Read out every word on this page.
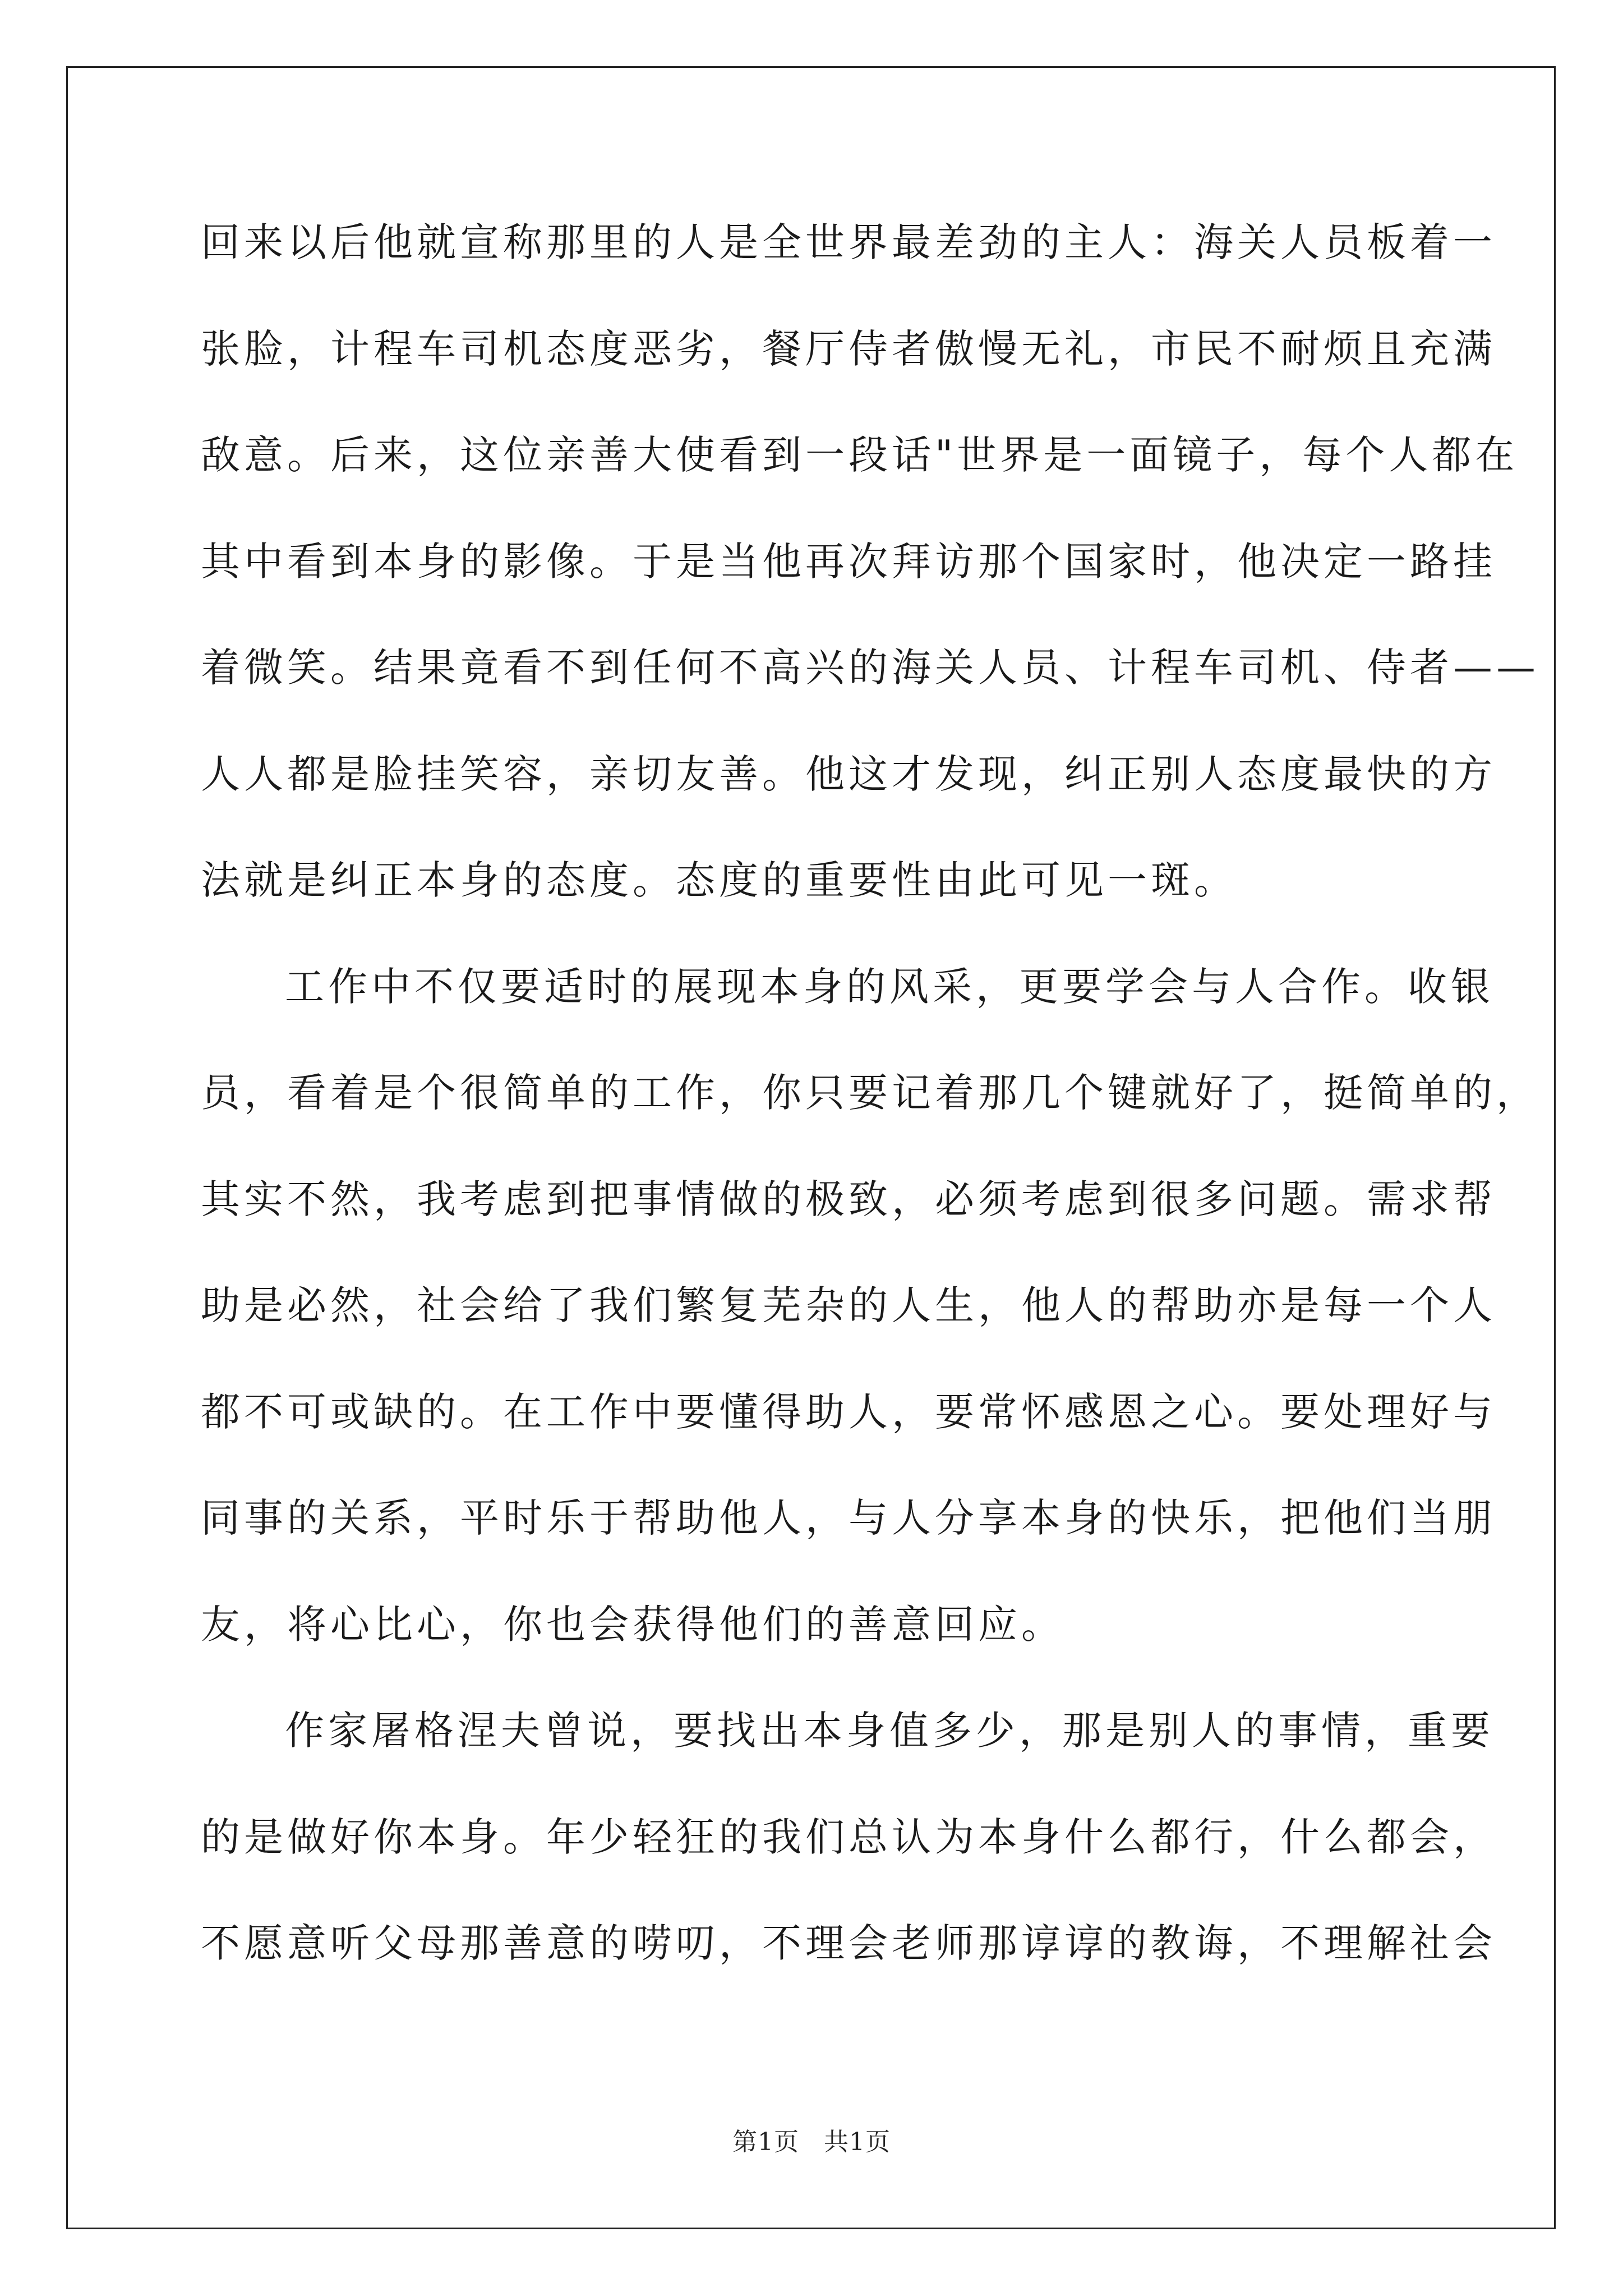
回来以后他就宣称那里的人是全世界最差劲的主人：海关人员板着一
张脸，计程车司机态度恶劣，餐厅侍者傲慢无礼，市民不耐烦且充满
敌意。后来，这位亲善大使看到一段话"世界是一面镜子，每个人都在
其中看到本身的影像。于是当他再次拜访那个国家时，他决定一路挂
着微笑。结果竟看不到任何不高兴的海关人员、计程车司机、侍者——
人人都是脸挂笑容，亲切友善。他这才发现，纠正别人态度最快的方
法就是纠正本身的态度。态度的重要性由此可见一斑。
工作中不仅要适时的展现本身的风采，更要学会与人合作。收银
员，看着是个很简单的工作，你只要记着那几个键就好了，挺简单的，
其实不然，我考虑到把事情做的极致，必须考虑到很多问题。需求帮
助是必然，社会给了我们繁复芜杂的人生，他人的帮助亦是每一个人
都不可或缺的。在工作中要懂得助人，要常怀感恩之心。要处理好与
同事的关系，平时乐于帮助他人，与人分享本身的快乐，把他们当朋
友，将心比心，你也会获得他们的善意回应。
作家屠格涅夫曾说，要找出本身值多少，那是别人的事情，重要
的是做好你本身。年少轻狂的我们总认为本身什么都行，什么都会，
不愿意听父母那善意的唠叨，不理会老师那谆谆的教诲，不理解社会
第1页 共1页
